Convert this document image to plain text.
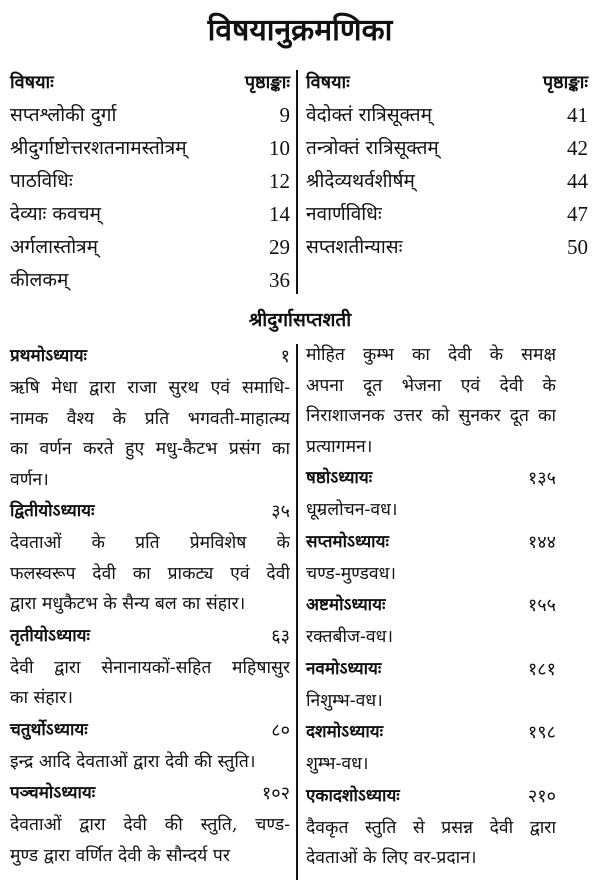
विषयानुक्रमणिका
विषयाः	पृष्ठाङ्काः
सप्तश्लोकी दुर्गा	9
श्रीदुर्गाष्टोत्तरशतनामस्तोत्रम्	10
पाठविधिः	12
देव्याः कवचम्	14
अर्गलास्तोत्रम्	29
कीलकम्	36
विषयाः	पृष्ठाङ्काः
वेदोक्तं रात्रिसूक्तम्	41
तन्त्रोक्तं रात्रिसूक्तम्	42
श्रीदेव्यथर्वशीर्षम्	44
नवार्णविधिः	47
सप्तशतीन्यासः	50
श्रीदुर्गासप्तशती
प्रथमोऽध्यायः	१
ऋषि मेधा द्वारा राजा सुरथ एवं समाधि-
नामक वैश्य के प्रति भगवती-माहात्म्य
का वर्णन करते हुए मधु-कैटभ प्रसंग का
वर्णन।
द्वितीयोऽध्यायः	३५
देवताओं के प्रति प्रेमविशेष के
फलस्वरूप देवी का प्राकट्य एवं देवी
द्वारा मधुकैटभ के सैन्य बल का संहार।
तृतीयोऽध्यायः	६३
देवी द्वारा सेनानायकों-सहित महिषासुर
का संहार।
चतुर्थोऽध्यायः	८०
इन्द्र आदि देवताओं द्वारा देवी की स्तुति।
पञ्चमोऽध्यायः	१०२
देवताओं द्वारा देवी की स्तुति, चण्ड-
मुण्ड द्वारा वर्णित देवी के सौन्दर्य पर
मोहित कुम्भ का देवी के समक्ष
अपना दूत भेजना एवं देवी के
निराशाजनक उत्तर को सुनकर दूत का
प्रत्यागमन।
षष्ठोऽध्यायः	१३५
धूम्रलोचन-वध।
सप्तमोऽध्यायः	१४४
चण्ड-मुण्डवध।
अष्टमोऽध्यायः	१५५
रक्तबीज-वध।
नवमोऽध्यायः	१८१
निशुम्भ-वध।
दशमोऽध्यायः	१९८
शुम्भ-वध।
एकादशोऽध्यायः	२१०
दैवकृत स्तुति से प्रसन्न देवी द्वारा
देवताओं के लिए वर-प्रदान।
